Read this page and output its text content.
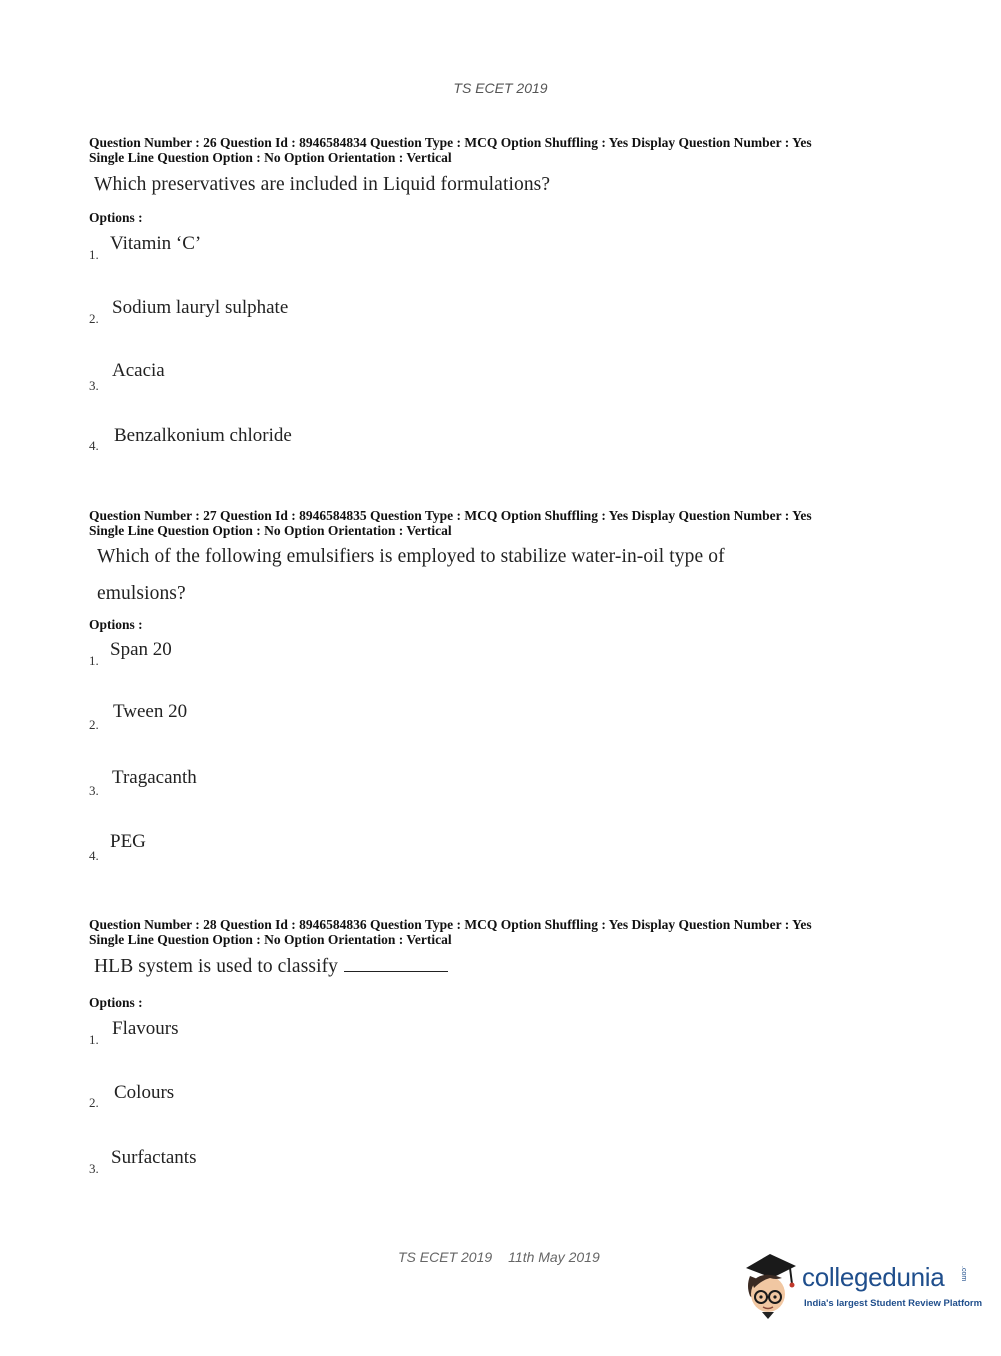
TS ECET 2019
Question Number : 26 Question Id : 8946584834 Question Type : MCQ Option Shuffling : Yes Display Question Number : Yes
Single Line Question Option : No Option Orientation : Vertical
Which preservatives are included in Liquid formulations?
Options :
1.
Vitamin ‘C’
2.
Sodium lauryl sulphate
3.
Acacia
4. Benzalkonium chloride
Question Number : 27 Question Id : 8946584835 Question Type : MCQ Option Shuffling : Yes Display Question Number : Yes
Single Line Question Option : No Option Orientation : Vertical
Which of the following emulsifiers is employed to stabilize water-in-oil type of
emulsions?
Options :
1.
Span 20
2.
Tween 20
3.
Tragacanth
4.
PEG
Question Number : 28 Question Id : 8946584836 Question Type : MCQ Option Shuffling : Yes Display Question Number : Yes
Single Line Question Option : No Option Orientation : Vertical
HLB system is used to classify
Options :
1.
Flavours
2. Colours
3.
Surfactants
TS ECET 2019 11th May 2019
collegedunia .com
India's largest Student Review Platform
